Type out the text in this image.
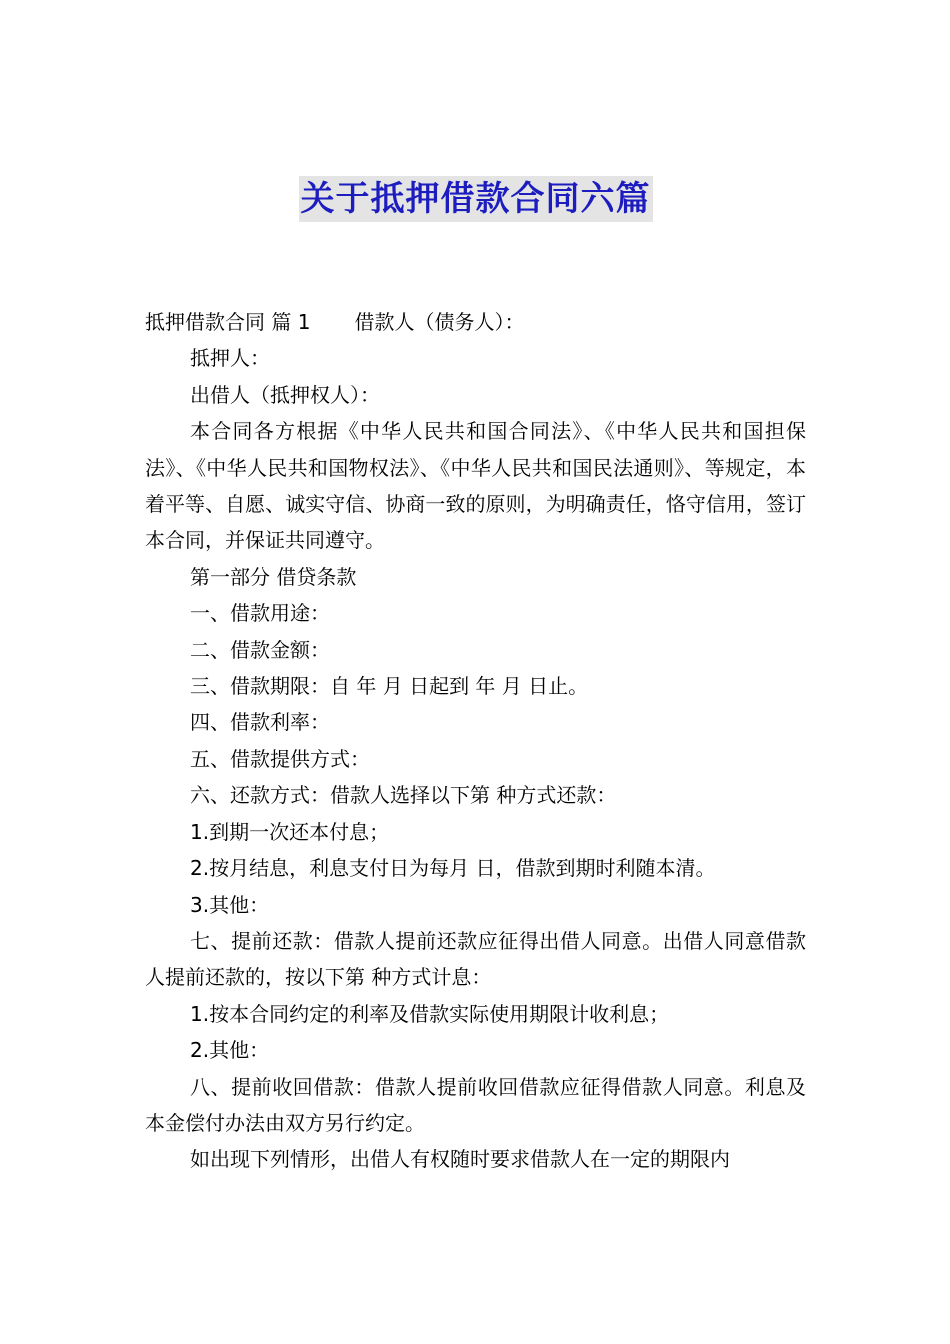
关于抵押借款合同六篇

抵押借款合同 篇 1 借款人（债务人）：

抵押人：

出借人（抵押权人）：

本合同各方根据《中华人民共和国合同法》、《中华人民共和国担保法》、《中华人民共和国物权法》、《中华人民共和国民法通则》、等规定，本着平等、自愿、诚实守信、协商一致的原则，为明确责任，恪守信用，签订本合同，并保证共同遵守。

第一部分 借贷条款

一、借款用途：

二、借款金额：

三、借款期限：自 年 月 日起到 年 月 日止。

四、借款利率：

五、借款提供方式：

六、还款方式：借款人选择以下第 种方式还款：

1.到期一次还本付息；

2.按月结息，利息支付日为每月 日，借款到期时利随本清。

3.其他：

七、提前还款：借款人提前还款应征得出借人同意。出借人同意借款人提前还款的，按以下第 种方式计息：

1.按本合同约定的利率及借款实际使用期限计收利息；

2.其他：

八、提前收回借款：借款人提前收回借款应征得借款人同意。利息及本金偿付办法由双方另行约定。

如出现下列情形，出借人有权随时要求借款人在一定的期限内
